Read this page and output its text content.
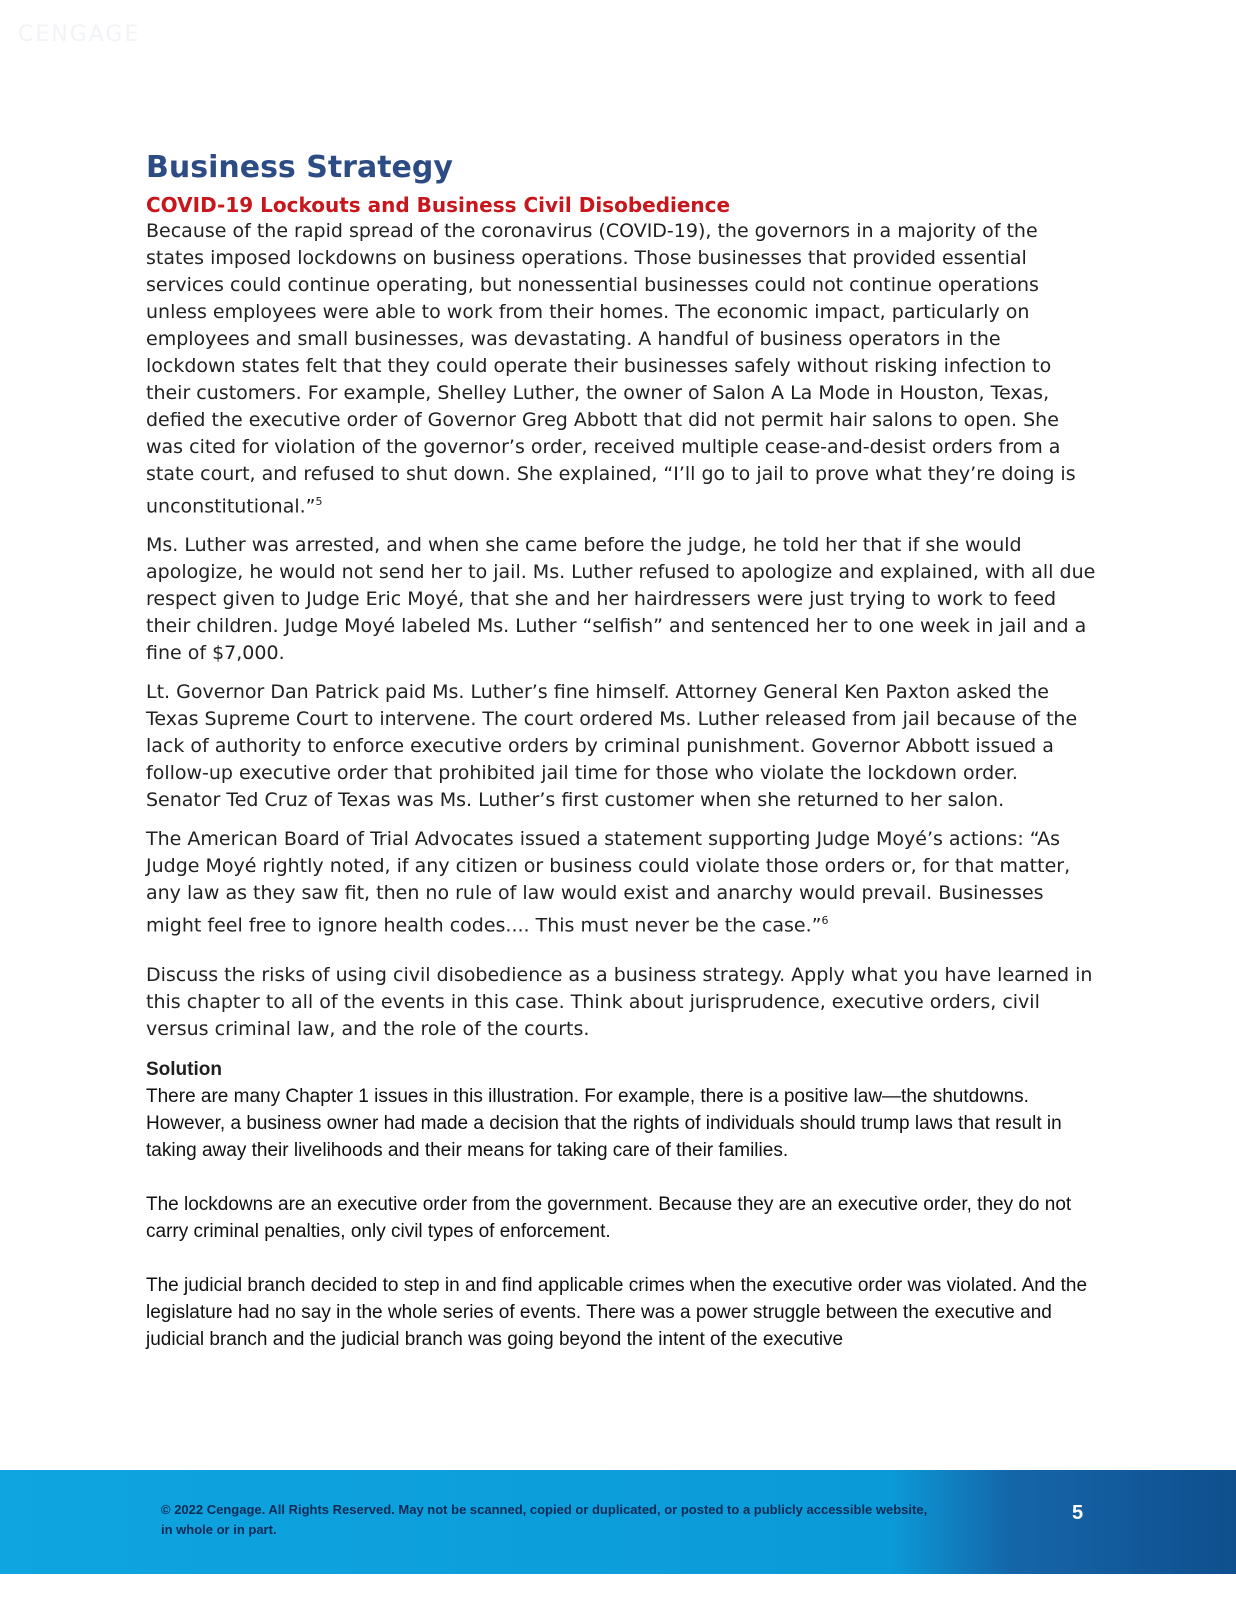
CENGAGE
Business Strategy
COVID-19 Lockouts and Business Civil Disobedience

Because of the rapid spread of the coronavirus (COVID-19), the governors in a majority of the states imposed lockdowns on business operations. Those businesses that provided essential services could continue operating, but nonessential businesses could not continue operations unless employees were able to work from their homes. The economic impact, particularly on employees and small businesses, was devastating. A handful of business operators in the lockdown states felt that they could operate their businesses safely without risking infection to their customers. For example, Shelley Luther, the owner of Salon A La Mode in Houston, Texas, defied the executive order of Governor Greg Abbott that did not permit hair salons to open. She was cited for violation of the governor’s order, received multiple cease-and-desist orders from a state court, and refused to shut down. She explained, “I’ll go to jail to prove what they’re doing is unconstitutional.”$^5$

Ms. Luther was arrested, and when she came before the judge, he told her that if she would apologize, he would not send her to jail. Ms. Luther refused to apologize and explained, with all due respect given to Judge Eric Moyé, that she and her hairdressers were just trying to work to feed their children. Judge Moyé labeled Ms. Luther “selfish” and sentenced her to one week in jail and a fine of $7,000.

Lt. Governor Dan Patrick paid Ms. Luther’s fine himself. Attorney General Ken Paxton asked the Texas Supreme Court to intervene. The court ordered Ms. Luther released from jail because of the lack of authority to enforce executive orders by criminal punishment. Governor Abbott issued a follow-up executive order that prohibited jail time for those who violate the lockdown order. Senator Ted Cruz of Texas was Ms. Luther’s first customer when she returned to her salon.

The American Board of Trial Advocates issued a statement supporting Judge Moyé’s actions: “As Judge Moyé rightly noted, if any citizen or business could violate those orders or, for that matter, any law as they saw fit, then no rule of law would exist and anarchy would prevail. Businesses might feel free to ignore health codes.... This must never be the case.”$^6$

Discuss the risks of using civil disobedience as a business strategy. Apply what you have learned in this chapter to all of the events in this case. Think about jurisprudence, executive orders, civil versus criminal law, and the role of the courts.

Solution

There are many Chapter 1 issues in this illustration. For example, there is a positive law—the shutdowns. However, a business owner had made a decision that the rights of individuals should trump laws that result in taking away their livelihoods and their means for taking care of their families.

The lockdowns are an executive order from the government. Because they are an executive order, they do not carry criminal penalties, only civil types of enforcement.

The judicial branch decided to step in and find applicable crimes when the executive order was violated. And the legislature had no say in the whole series of events. There was a power struggle between the executive and judicial branch and the judicial branch was going beyond the intent of the executive

© 2022 Cengage. All Rights Reserved. May not be scanned, copied or duplicated, or posted to a publicly accessible website, in whole or in part.
5
